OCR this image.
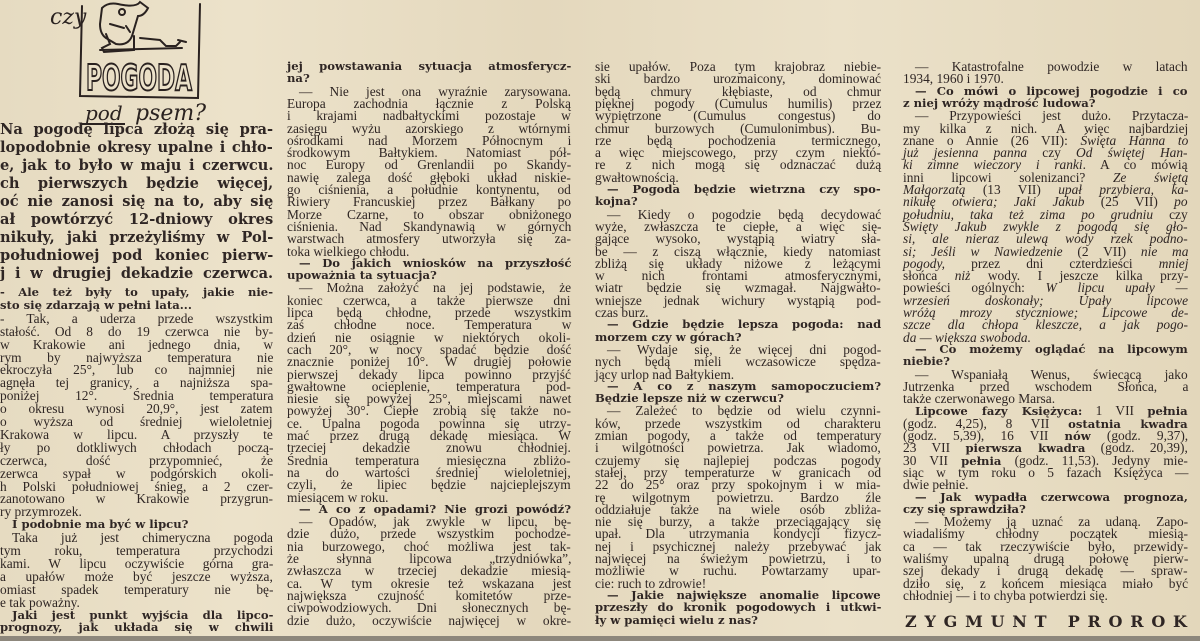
czy
POGODA
pod psem?
Na pogodę lipca złożą się pra-
lopodobnie okresy upalne i chło-
e, jak to było w maju i czerwcu.
ch pierwszych będzie więcej,
oć nie zanosi się na to, aby się
ał powtórzyć 12-dniowy okres
nikuły, jaki przeżyliśmy w Pol-
południowej pod koniec pierw-
j i w drugiej dekadzie czerwca.
- Ale też były to upały, jakie nie-
sto się zdarzają w pełni lata...
- Tak, a uderza przede wszystkim
stałość. Od 8 do 19 czerwca nie by-
w Krakowie ani jednego dnia, w
rym by najwyższa temperatura nie
ekroczyła 25°, lub co najmniej nie
agnęła tej granicy, a najniższa spa-
poniżej 12°. Średnia temperatura
o okresu wynosi 20,9°, jest zatem
o wyższa od średniej wieloletniej
Krakowa w lipcu. A przyszły te
ły po dotkliwych chłodach począ-
czerwca, dość przypomnieć, że
zerwca sypał w podgórskich okoli-
h Polski południowej śnieg, a 2 czer-
zanotowano w Krakowie przygrun-
ry przymrozek.
I podobnie ma być w lipcu?
Taka już jest chimeryczna pogoda
tym roku, temperatura przychodzi
kami. W lipcu oczywiście górna gra-
a upałów może być jeszcze wyższa,
omiast spadek temperatury nie bę-
e tak poważny.
Jaki jest punkt wyjścia dla lipco-
prognozy, jak układa się w chwili
jej powstawania sytuacja atmosferycz-
na?
— Nie jest ona wyraźnie zarysowana.
Europa zachodnia łącznie z Polską
i krajami nadbałtyckimi pozostaje w
zasięgu wyżu azorskiego z wtórnymi
ośrodkami nad Morzem Północnym i
środkowym Bałtykiem. Natomiast pół-
noc Europy od Grenlandii po Skandy-
nawię zalega dość głęboki układ niskie-
go ciśnienia, a południe kontynentu, od
Riwiery Francuskiej przez Bałkany po
Morze Czarne, to obszar obniżonego
ciśnienia. Nad Skandynawią w górnych
warstwach atmosfery utworzyła się za-
toka wielkiego chłodu.
— Do jakich wniosków na przyszłość
upoważnia ta sytuacja?
— Można założyć na jej podstawie, że
koniec czerwca, a także pierwsze dni
lipca będą chłodne, przede wszystkim
zaś chłodne noce. Temperatura w
dzień nie osiągnie w niektórych okoli-
cach 20°, w nocy spadać będzie dość
znacznie poniżej 10°. W drugiej połowie
pierwszej dekady lipca powinno przyjść
gwałtowne ocieplenie, temperatura pod-
niesie się powyżej 25°, miejscami nawet
powyżej 30°. Ciepłe zrobią się także no-
ce. Upalna pogoda powinna się utrzy-
mać przez drugą dekadę miesiąca. W
trzeciej dekadzie znowu chłodniej.
Średnia temperatura miesięczna zbliżo-
na do wartości średniej wieloletniej,
czyli, że lipiec będzie najcieplejszym
miesiącem w roku.
— A co z opadami? Nie grozi powódź?
— Opadów, jak zwykle w lipcu, bę-
dzie dużo, przede wszystkim pochodze-
nia burzowego, choć możliwa jest tak-
że słynna lipcowa „trzydniówka”,
zwłaszcza w trzeciej dekadzie miesią-
ca. W tym okresie też wskazana jest
największa czujność komitetów prze-
ciwpowodziowych. Dni słonecznych bę-
dzie dużo, oczywiście najwięcej w okre-
sie upałów. Poza tym krajobraz niebie-
ski bardzo urozmaicony, dominować
będą chmury kłębiaste, od chmur
pięknej pogody (Cumulus humilis) przez
wypiętrzone (Cumulus congestus) do
chmur burzowych (Cumulonimbus). Bu-
rze będą pochodzenia termicznego,
a więc miejscowego, przy czym niektó-
re z nich mogą się odznaczać dużą
gwałtownością.
— Pogoda będzie wietrzna czy spo-
kojna?
— Kiedy o pogodzie będą decydować
wyże, zwłaszcza te ciepłe, a więc się-
gające wysoko, wystąpią wiatry sła-
be — z ciszą włącznie, kiedy natomiast
zbliżą się układy niżowe z leżącymi
w nich frontami atmosferycznymi,
wiatr będzie się wzmagał. Najgwałto-
wniejsze jednak wichury wystąpią pod-
czas burz.
— Gdzie będzie lepsza pogoda: nad
morzem czy w górach?
— Wydaje się, że więcej dni pogod-
nych będą mieli wczasowicze spędza-
jący urlop nad Bałtykiem.
— A co z naszym samopoczuciem?
Będzie lepsze niż w czerwcu?
— Zależeć to będzie od wielu czynni-
ków, przede wszystkim od charakteru
zmian pogody, a także od temperatury
i wilgotności powietrza. Jak wiadomo,
czujemy się najlepiej podczas pogody
stałej, przy temperaturze w granicach od
22 do 25° oraz przy spokojnym i w mia-
rę wilgotnym powietrzu. Bardzo źle
oddziałuje także na wiele osób zbliża-
nie się burzy, a także przeciągający się
upał. Dla utrzymania kondycji fizycz-
nej i psychicznej należy przebywać jak
najwięcej na świeżym powietrzu, i to
możliwie w ruchu. Powtarzamy upar-
cie: ruch to zdrowie!
— Jakie największe anomalie lipcowe
przeszły do kronik pogodowych i utkwi-
ły w pamięci wielu z nas?
— Katastrofalne powodzie w latach
1934, 1960 i 1970.
— Co mówi o lipcowej pogodzie i co
z niej wróży mądrość ludowa?
— Przypowieści jest dużo. Przytacza-
my kilka z nich. A więc najbardziej
znane o Annie (26 VII): Święta Hanna to
już jesienna panna czy Od świętej Han-
ki zimne wieczory i ranki. A co mówią
inni lipcowi solenizanci? Ze świętą
Małgorzatą (13 VII) upał przybiera, ka-
nikułę otwiera; Jaki Jakub (25 VII) po
południu, taka też zima po grudniu czy
Święty Jakub zwykle z pogodą się gło-
si, ale nieraz ulewą wody rzek podno-
si; Jeśli w Nawiedzenie (2 VII) nie ma
pogody, przez dni czterdzieści mniej
słońca niż wody. I jeszcze kilka przy-
powieści ogólnych: W lipcu upały —
wrzesień doskonały; Upały lipcowe
wróżą mrozy styczniowe; Lipcowe de-
szcze dla chłopa kleszcze, a jak pogo-
da — większa swoboda.
— Co możemy oglądać na lipcowym
niebie?
— Wspaniałą Wenus, świecącą jako
Jutrzenka przed wschodem Słońca, a
także czerwonawego Marsa.
Lipcowe fazy Księżyca: 1 VII pełnia
(godz. 4,25), 8 VII ostatnia kwadra
(godz. 5,39), 16 VII nów (godz. 9,37),
23 VII pierwsza kwadra (godz. 20,39),
30 VII pełnia (godz. 11,53). Jedyny mie-
siąc w tym roku o 5 fazach Księżyca —
dwie pełnie.
— Jak wypadła czerwcowa prognoza,
czy się sprawdziła?
— Możemy ją uznać za udaną. Zapo-
wiadaliśmy chłodny początek miesią-
ca — tak rzeczywiście było, przewidy-
waliśmy upalną drugą połowę pierw-
szej dekady i drugą dekadę — spraw-
dziło się, z końcem miesiąca miało być
chłodniej — i to chyba potwierdzi się.
Z Y G M U N T
P R O R O K
